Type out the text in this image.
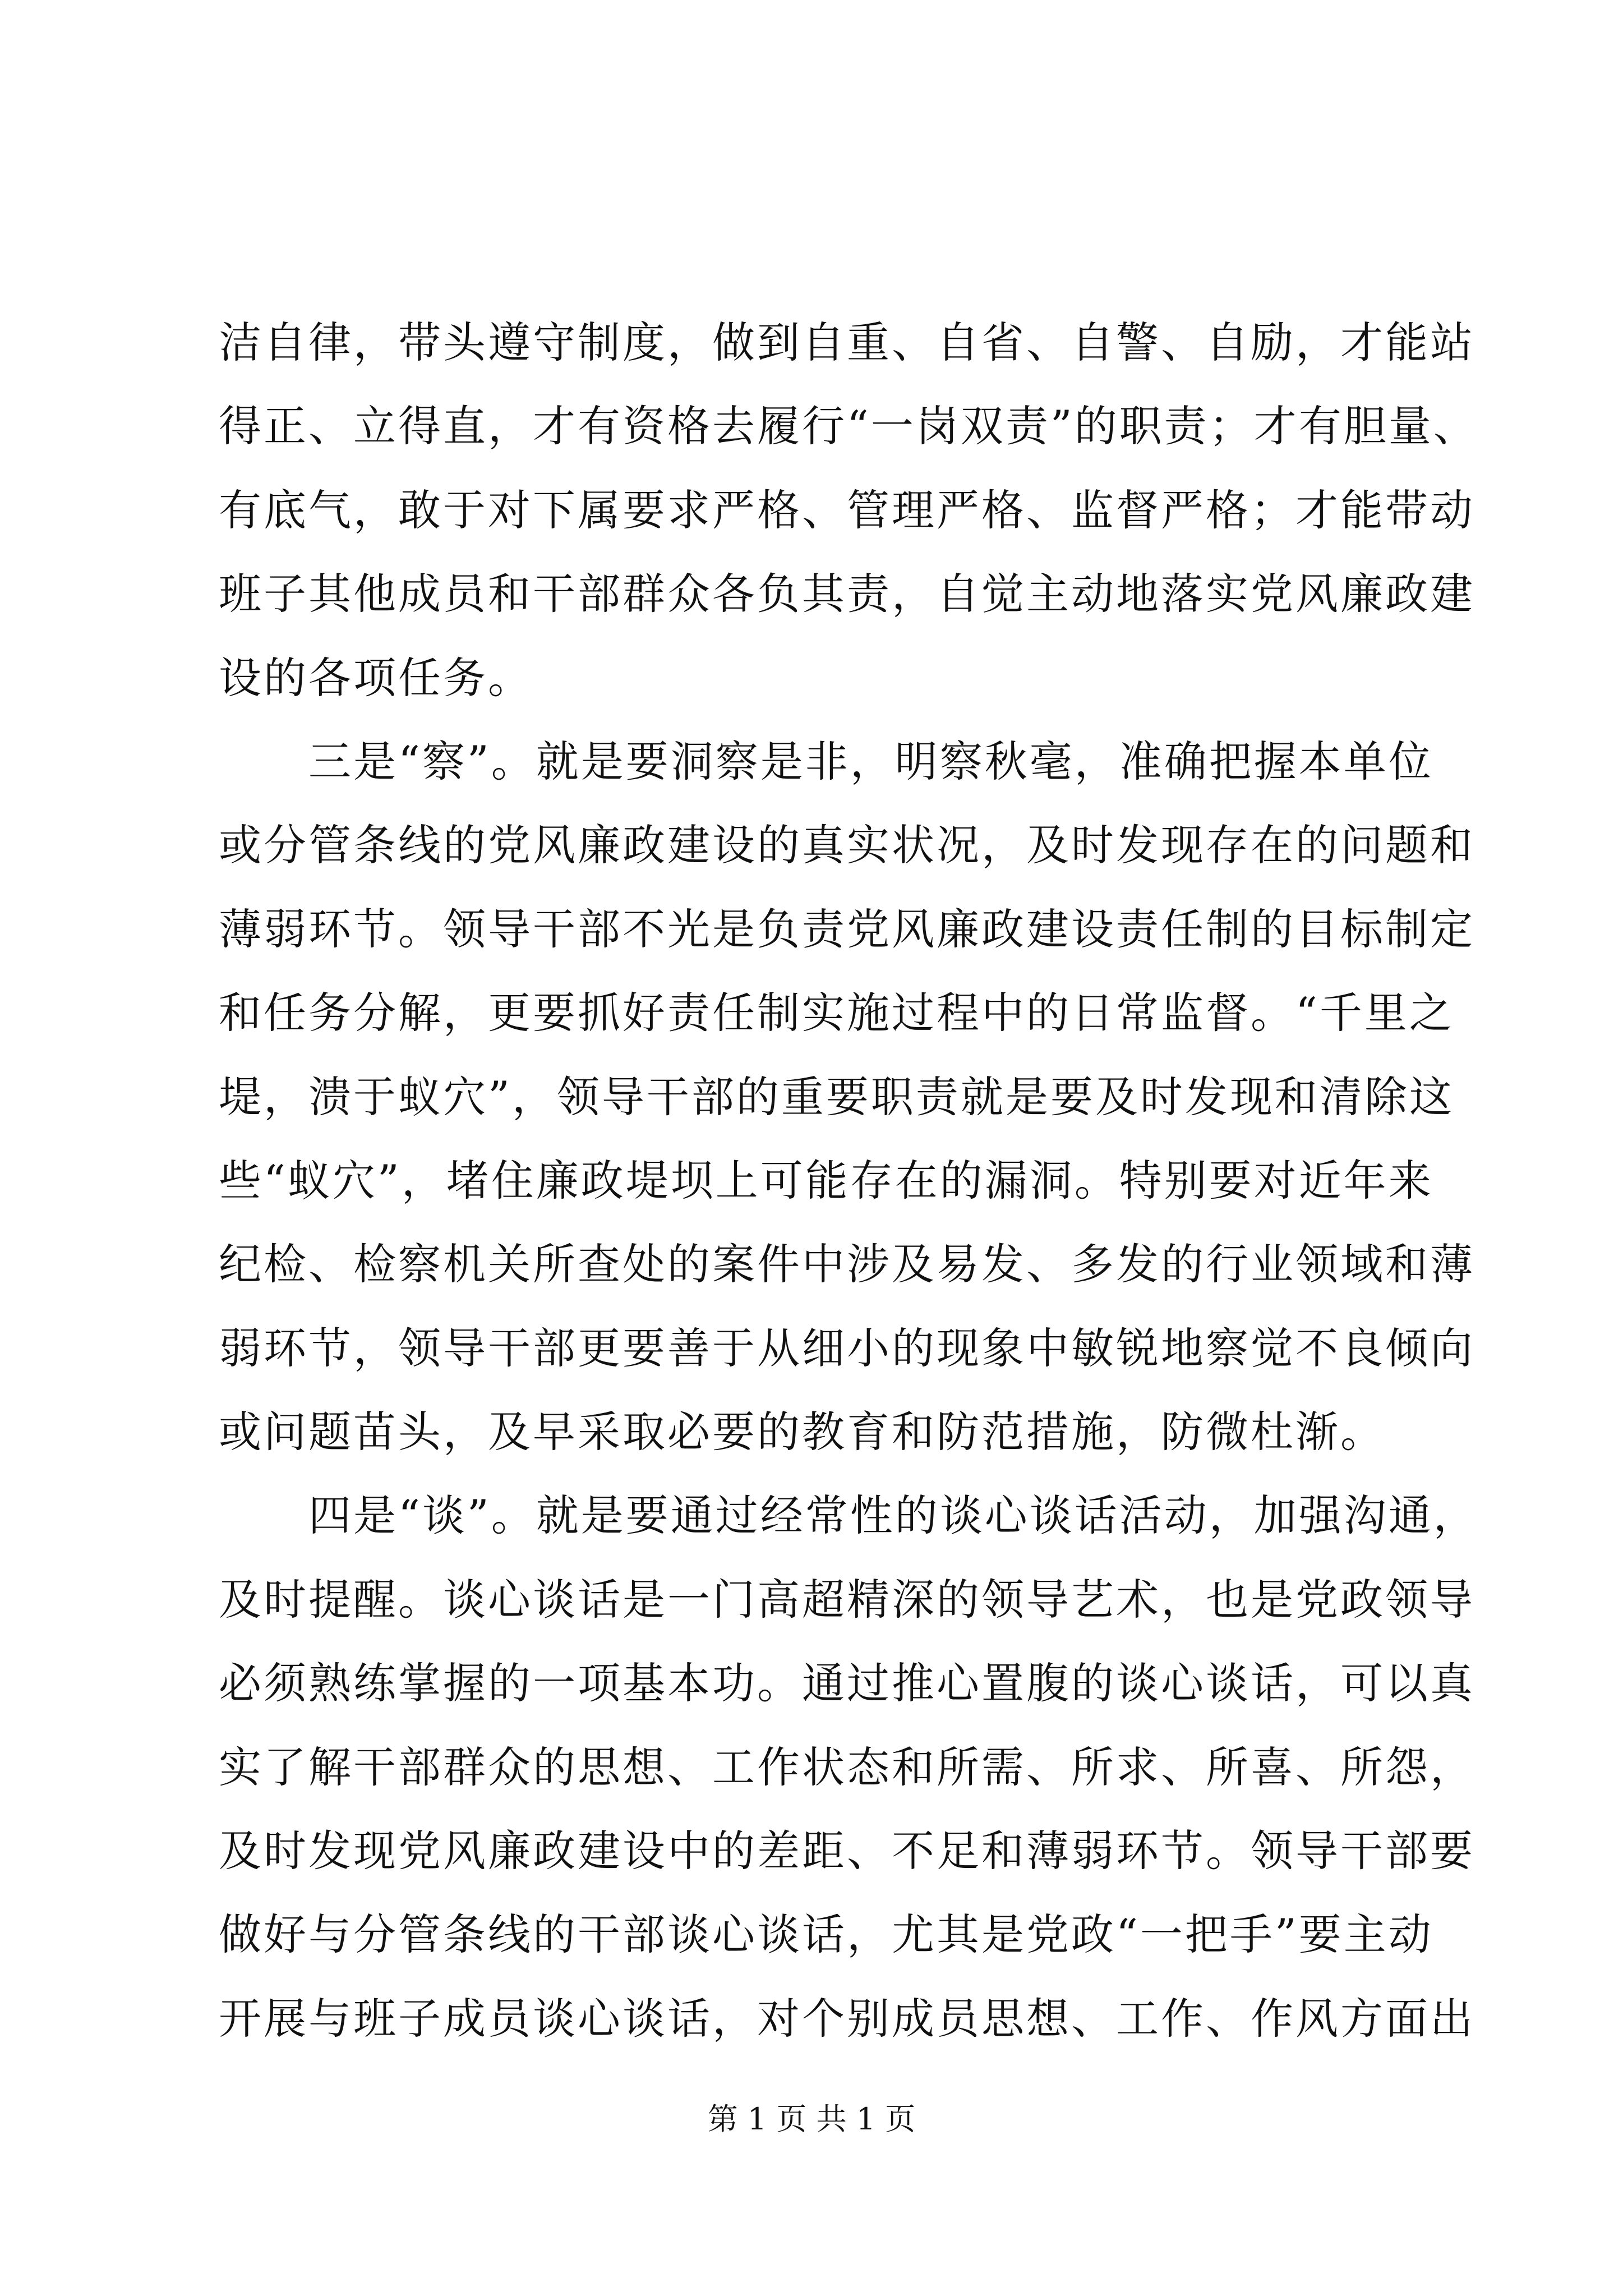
洁自律，带头遵守制度，做到自重、自省、自警、自励，才能站
得正、立得直，才有资格去履行“一岗双责”的职责；才有胆量、
有底气，敢于对下属要求严格、管理严格、监督严格；才能带动
班子其他成员和干部群众各负其责，自觉主动地落实党风廉政建
设的各项任务。
三是“察”。就是要洞察是非，明察秋毫，准确把握本单位
或分管条线的党风廉政建设的真实状况，及时发现存在的问题和
薄弱环节。领导干部不光是负责党风廉政建设责任制的目标制定
和任务分解，更要抓好责任制实施过程中的日常监督。“千里之
堤，溃于蚁穴”，领导干部的重要职责就是要及时发现和清除这
些“蚁穴”，堵住廉政堤坝上可能存在的漏洞。特别要对近年来
纪检、检察机关所查处的案件中涉及易发、多发的行业领域和薄
弱环节，领导干部更要善于从细小的现象中敏锐地察觉不良倾向
或问题苗头，及早采取必要的教育和防范措施，防微杜渐。
四是“谈”。就是要通过经常性的谈心谈话活动，加强沟通，
及时提醒。谈心谈话是一门高超精深的领导艺术，也是党政领导
必须熟练掌握的一项基本功。通过推心置腹的谈心谈话，可以真
实了解干部群众的思想、工作状态和所需、所求、所喜、所怨，
及时发现党风廉政建设中的差距、不足和薄弱环节。领导干部要
做好与分管条线的干部谈心谈话，尤其是党政“一把手”要主动
开展与班子成员谈心谈话，对个别成员思想、工作、作风方面出
第 1 页 共 1 页
